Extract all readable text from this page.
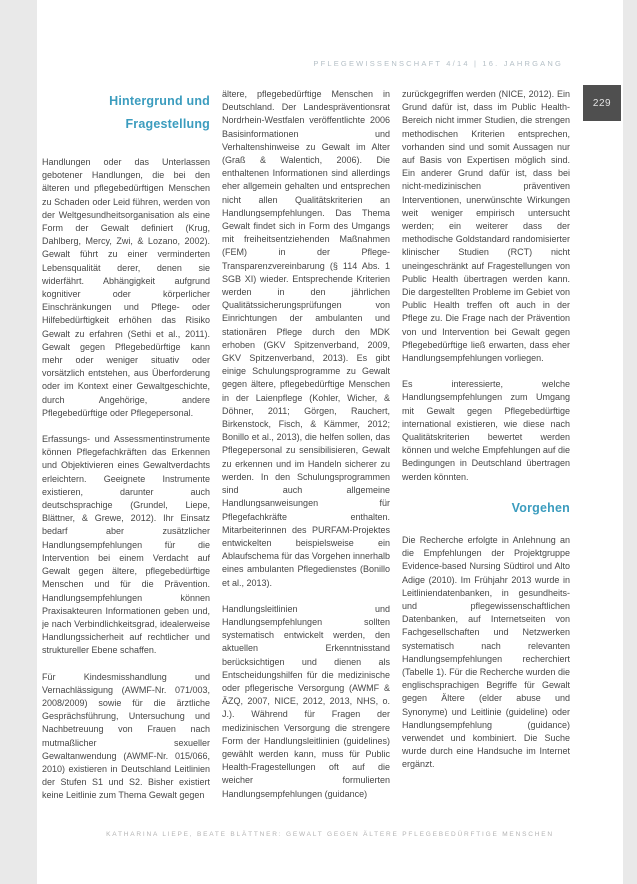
PFLEGEWISSENSCHAFT 4/14 | 16. JAHRGANG
229
Hintergrund und Fragestellung

Handlungen oder das Unterlassen gebotener Handlungen, die bei den älteren und pflegebedürftigen Menschen zu Schaden oder Leid führen, werden von der Weltgesundheitsorganisation als eine Form der Gewalt definiert (Krug, Dahlberg, Mercy, Zwi, & Lozano, 2002). Gewalt führt zu einer verminderten Lebensqualität derer, denen sie widerfährt. Abhängigkeit aufgrund kognitiver oder körperlicher Einschränkungen und Pflege- oder Hilfebedürftigkeit erhöhen das Risiko Gewalt zu erfahren (Sethi et al., 2011). Gewalt gegen Pflegebedürftige kann mehr oder weniger situativ oder vorsätzlich entstehen, aus Überforderung oder im Kontext einer Gewaltgeschichte, durch Angehörige, andere Pflegebedürftige oder Pflegepersonal.

Erfassungs- und Assessmentinstrumente können Pflegefachkräften das Erkennen und Objektivieren eines Gewaltverdachts erleichtern. Geeignete Instrumente existieren, darunter auch deutschsprachige (Grundel, Liepe, Blättner, & Grewe, 2012). Ihr Einsatz bedarf aber zusätzlicher Handlungsempfehlungen für die Intervention bei einem Verdacht auf Gewalt gegen ältere, pflegebedürftige Menschen und für die Prävention. Handlungsempfehlungen können Praxisakteuren Informationen geben und, je nach Verbindlichkeitsgrad, idealerweise Handlungssicherheit auf rechtlicher und struktureller Ebene schaffen.

Für Kindesmisshandlung und Vernachlässigung (AWMF-Nr. 071/003, 2008/2009) sowie für die ärztliche Gesprächsführung, Untersuchung und Nachbetreuung von Frauen nach mutmaßlicher sexueller Gewaltanwendung (AWMF-Nr. 015/066, 2010) existieren in Deutschland Leitlinien der Stufen S1 und S2. Bisher existiert keine Leitlinie zum Thema Gewalt gegen

ältere, pflegebedürftige Menschen in Deutschland. Der Landespräventionsrat Nordrhein-Westfalen veröffentlichte 2006 Basisinformationen und Verhaltenshinweise zu Gewalt im Alter (Graß & Walentich, 2006). Die enthaltenen Informationen sind allerdings eher allgemein gehalten und entsprechen nicht allen Qualitätskriterien an Handlungsempfehlungen. Das Thema Gewalt findet sich in Form des Umgangs mit freiheitsentziehenden Maßnahmen (FEM) in der Pflege-Transparenzvereinbarung (§ 114 Abs. 1 SGB XI) wieder. Entsprechende Kriterien werden in den jährlichen Qualitätssicherungsprüfungen von Einrichtungen der ambulanten und stationären Pflege durch den MDK erhoben (GKV Spitzenverband, 2009, GKV Spitzenverband, 2013). Es gibt einige Schulungsprogramme zu Gewalt gegen ältere, pflegebedürftige Menschen in der Laienpflege (Kohler, Wicher, & Döhner, 2011; Görgen, Rauchert, Birkenstock, Fisch, & Kämmer, 2012; Bonillo et al., 2013), die helfen sollen, das Pflegepersonal zu sensibilisieren, Gewalt zu erkennen und im Handeln sicherer zu werden. In den Schulungsprogrammen sind auch allgemeine Handlungsanweisungen für Pflegefachkräfte enthalten. Mitarbeiterinnen des PURFAM-Projektes entwickelten beispielsweise ein Ablaufschema für das Vorgehen innerhalb eines ambulanten Pflegedienstes (Bonillo et al., 2013).

Handlungsleitlinien und Handlungsempfehlungen sollten systematisch entwickelt werden, den aktuellen Erkenntnisstand berücksichtigen und dienen als Entscheidungshilfen für die medizinische oder pflegerische Versorgung (AWMF & ÄZQ, 2007, NICE, 2012, 2013, NHS, o. J.). Während für Fragen der medizinischen Versorgung die strengere Form der Handlungsleitlinien (guidelines) gewählt werden kann, muss für Public Health-Fragestellungen oft auf die weicher formulierten Handlungsempfehlungen (guidance)

zurückgegriffen werden (NICE, 2012). Ein Grund dafür ist, dass im Public Health-Bereich nicht immer Studien, die strengen methodischen Kriterien entsprechen, vorhanden sind und somit Aussagen nur auf Basis von Expertisen möglich sind. Ein anderer Grund dafür ist, dass bei nicht-medizinischen präventiven Interventionen, unerwünschte Wirkungen weit weniger empirisch untersucht werden; ein weiterer dass der methodische Goldstandard randomisierter klinischer Studien (RCT) nicht uneingeschränkt auf Fragestellungen von Public Health übertragen werden kann. Die dargestellten Probleme im Gebiet von Public Health treffen oft auch in der Pflege zu. Die Frage nach der Prävention von und Intervention bei Gewalt gegen Pflegebedürftige ließ erwarten, dass eher Handlungsempfehlungen vorliegen.

Es interessierte, welche Handlungsempfehlungen zum Umgang mit Gewalt gegen Pflegebedürftige international existieren, wie diese nach Qualitätskriterien bewertet werden können und welche Empfehlungen auf die Bedingungen in Deutschland übertragen werden könnten.

Vorgehen

Die Recherche erfolgte in Anlehnung an die Empfehlungen der Projektgruppe Evidence-based Nursing Südtirol und Alto Adige (2010). Im Frühjahr 2013 wurde in Leitliniendatenbanken, in gesundheits- und pflegewissenschaftlichen Datenbanken, auf Internetseiten von Fachgesellschaften und Netzwerken systematisch nach relevanten Handlungsempfehlungen recherchiert (Tabelle 1). Für die Recherche wurden die englischsprachigen Begriffe für Gewalt gegen Ältere (elder abuse und Synonyme) und Leitlinie (guideline) oder Handlungsempfehlung (guidance) verwendet und kombiniert. Die Suche wurde durch eine Handsuche im Internet ergänzt.

KATHARINA LIEPE, BEATE BLÄTTNER: GEWALT GEGEN ÄLTERE PFLEGEBEDÜRFTIGE MENSCHEN
